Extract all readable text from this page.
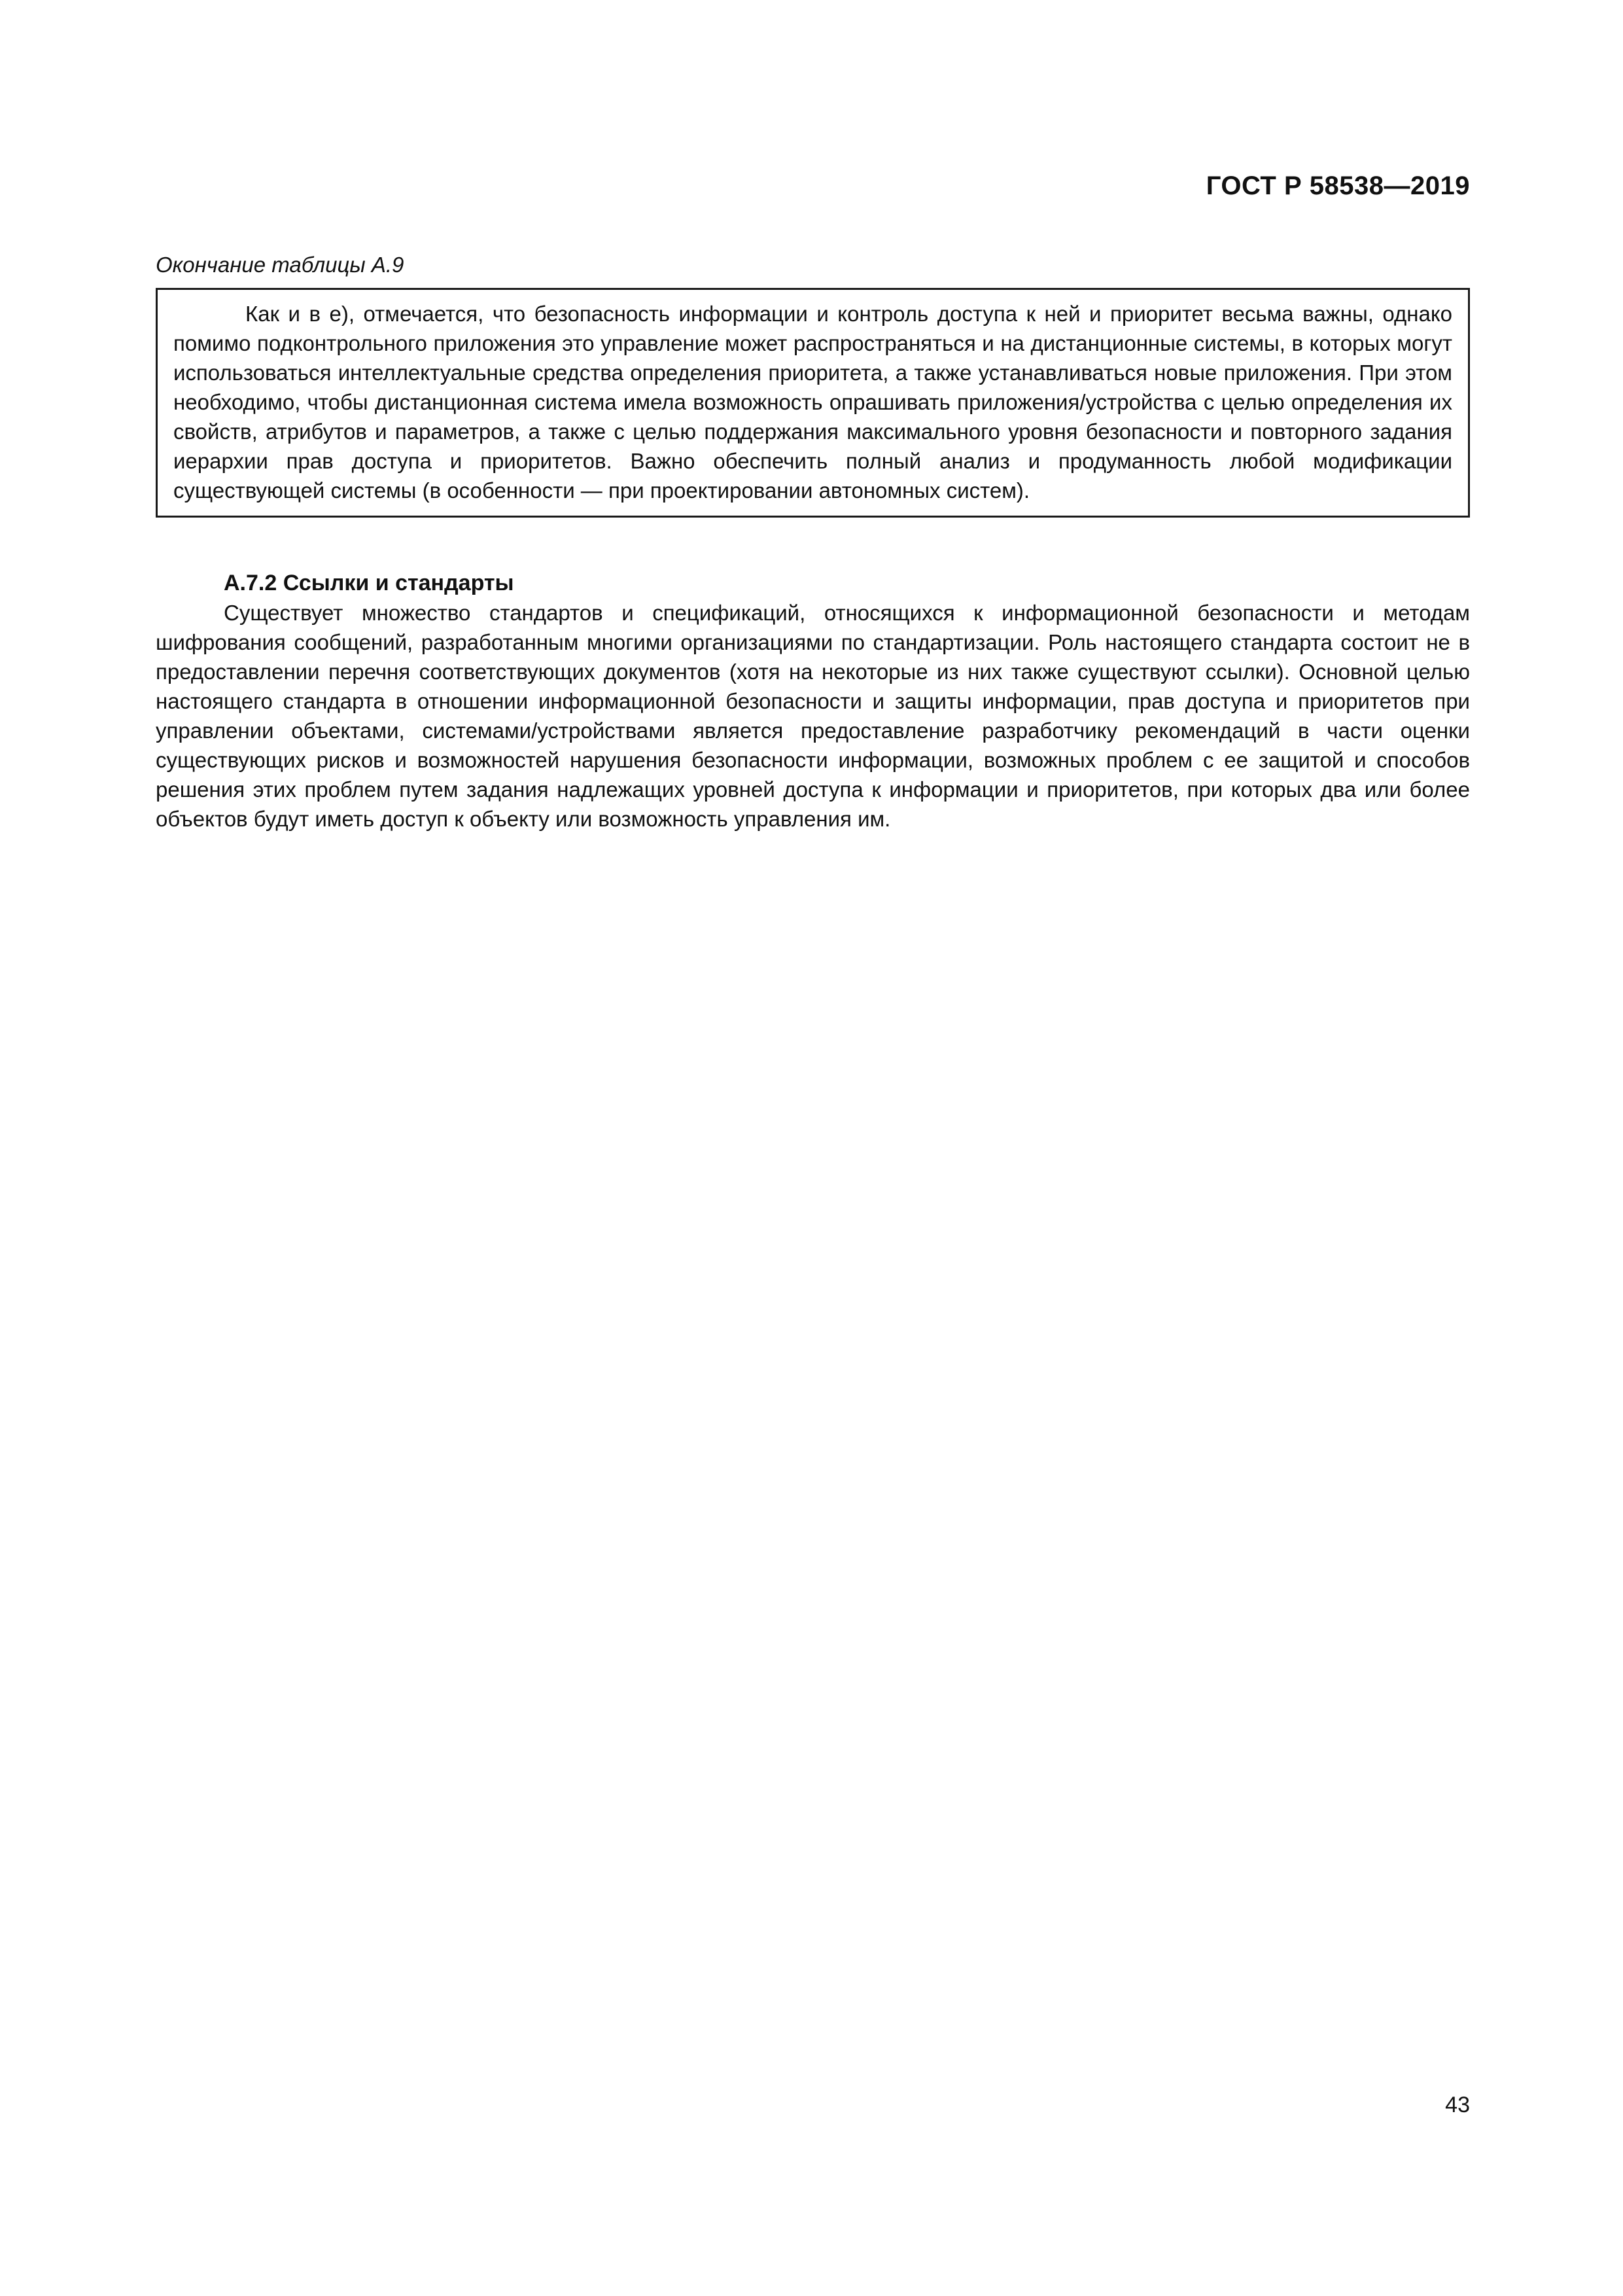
ГОСТ Р 58538—2019
Окончание таблицы А.9

Как и в е), отмечается, что безопасность информации и контроль доступа к ней и приоритет весьма важны, однако помимо подконтрольного приложения это управление может распространяться и на дистанционные системы, в которых могут использоваться интеллектуальные средства определения приоритета, а также устанавливаться новые приложения. При этом необходимо, чтобы дистанционная система имела возможность опрашивать приложения/устройства с целью определения их свойств, атрибутов и параметров, а также с целью поддержания максимального уровня безопасности и повторного задания иерархии прав доступа и приоритетов. Важно обеспечить полный анализ и продуманность любой модификации существующей системы (в особенности — при проектировании автономных систем).

А.7.2 Ссылки и стандарты

Существует множество стандартов и спецификаций, относящихся к информационной безопасности и методам шифрования сообщений, разработанным многими организациями по стандартизации. Роль настоящего стандарта состоит не в предоставлении перечня соответствующих документов (хотя на некоторые из них также существуют ссылки). Основной целью настоящего стандарта в отношении информационной безопасности и защиты информации, прав доступа и приоритетов при управлении объектами, системами/устройствами является предоставление разработчику рекомендаций в части оценки существующих рисков и возможностей нарушения безопасности информации, возможных проблем с ее защитой и способов решения этих проблем путем задания надлежащих уровней доступа к информации и приоритетов, при которых два или более объектов будут иметь доступ к объекту или возможность управления им.

43
